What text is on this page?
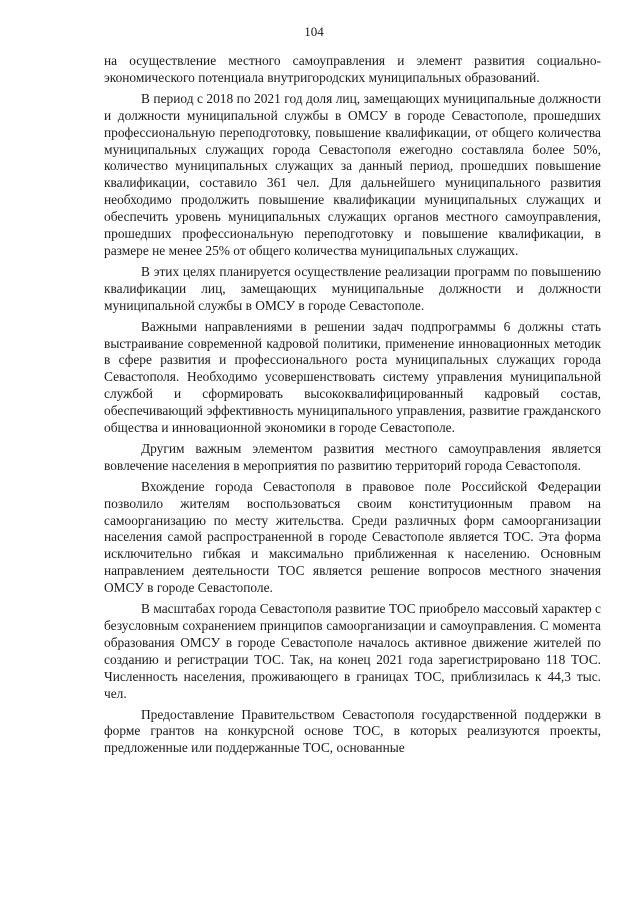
104

на осуществление местного самоуправления и элемент развития социально-экономического потенциала внутригородских муниципальных образований.

В период с 2018 по 2021 год доля лиц, замещающих муниципальные должности и должности муниципальной службы в ОМСУ в городе Севастополе, прошедших профессиональную переподготовку, повышение квалификации, от общего количества муниципальных служащих города Севастополя ежегодно составляла более 50%, количество муниципальных служащих за данный период, прошедших повышение квалификации, составило 361 чел. Для дальнейшего муниципального развития необходимо продолжить повышение квалификации муниципальных служащих и обеспечить уровень муниципальных служащих органов местного самоуправления, прошедших профессиональную переподготовку и повышение квалификации, в размере не менее 25% от общего количества муниципальных служащих.

В этих целях планируется осуществление реализации программ по повышению квалификации лиц, замещающих муниципальные должности и должности муниципальной службы в ОМСУ в городе Севастополе.

Важными направлениями в решении задач подпрограммы 6 должны стать выстраивание современной кадровой политики, применение инновационных методик в сфере развития и профессионального роста муниципальных служащих города Севастополя. Необходимо усовершенствовать систему управления муниципальной службой и сформировать высококвалифицированный кадровый состав, обеспечивающий эффективность муниципального управления, развитие гражданского общества и инновационной экономики в городе Севастополе.

Другим важным элементом развития местного самоуправления является вовлечение населения в мероприятия по развитию территорий города Севастополя.

Вхождение города Севастополя в правовое поле Российской Федерации позволило жителям воспользоваться своим конституционным правом на самоорганизацию по месту жительства. Среди различных форм самоорганизации населения самой распространенной в городе Севастополе является ТОС. Эта форма исключительно гибкая и максимально приближенная к населению. Основным направлением деятельности ТОС является решение вопросов местного значения ОМСУ в городе Севастополе.

В масштабах города Севастополя развитие ТОС приобрело массовый характер с безусловным сохранением принципов самоорганизации и самоуправления. С момента образования ОМСУ в городе Севастополе началось активное движение жителей по созданию и регистрации ТОС. Так, на конец 2021 года зарегистрировано 118 ТОС. Численность населения, проживающего в границах ТОС, приблизилась к 44,3 тыс. чел.

Предоставление Правительством Севастополя государственной поддержки в форме грантов на конкурсной основе ТОС, в которых реализуются проекты, предложенные или поддержанные ТОС, основанные
